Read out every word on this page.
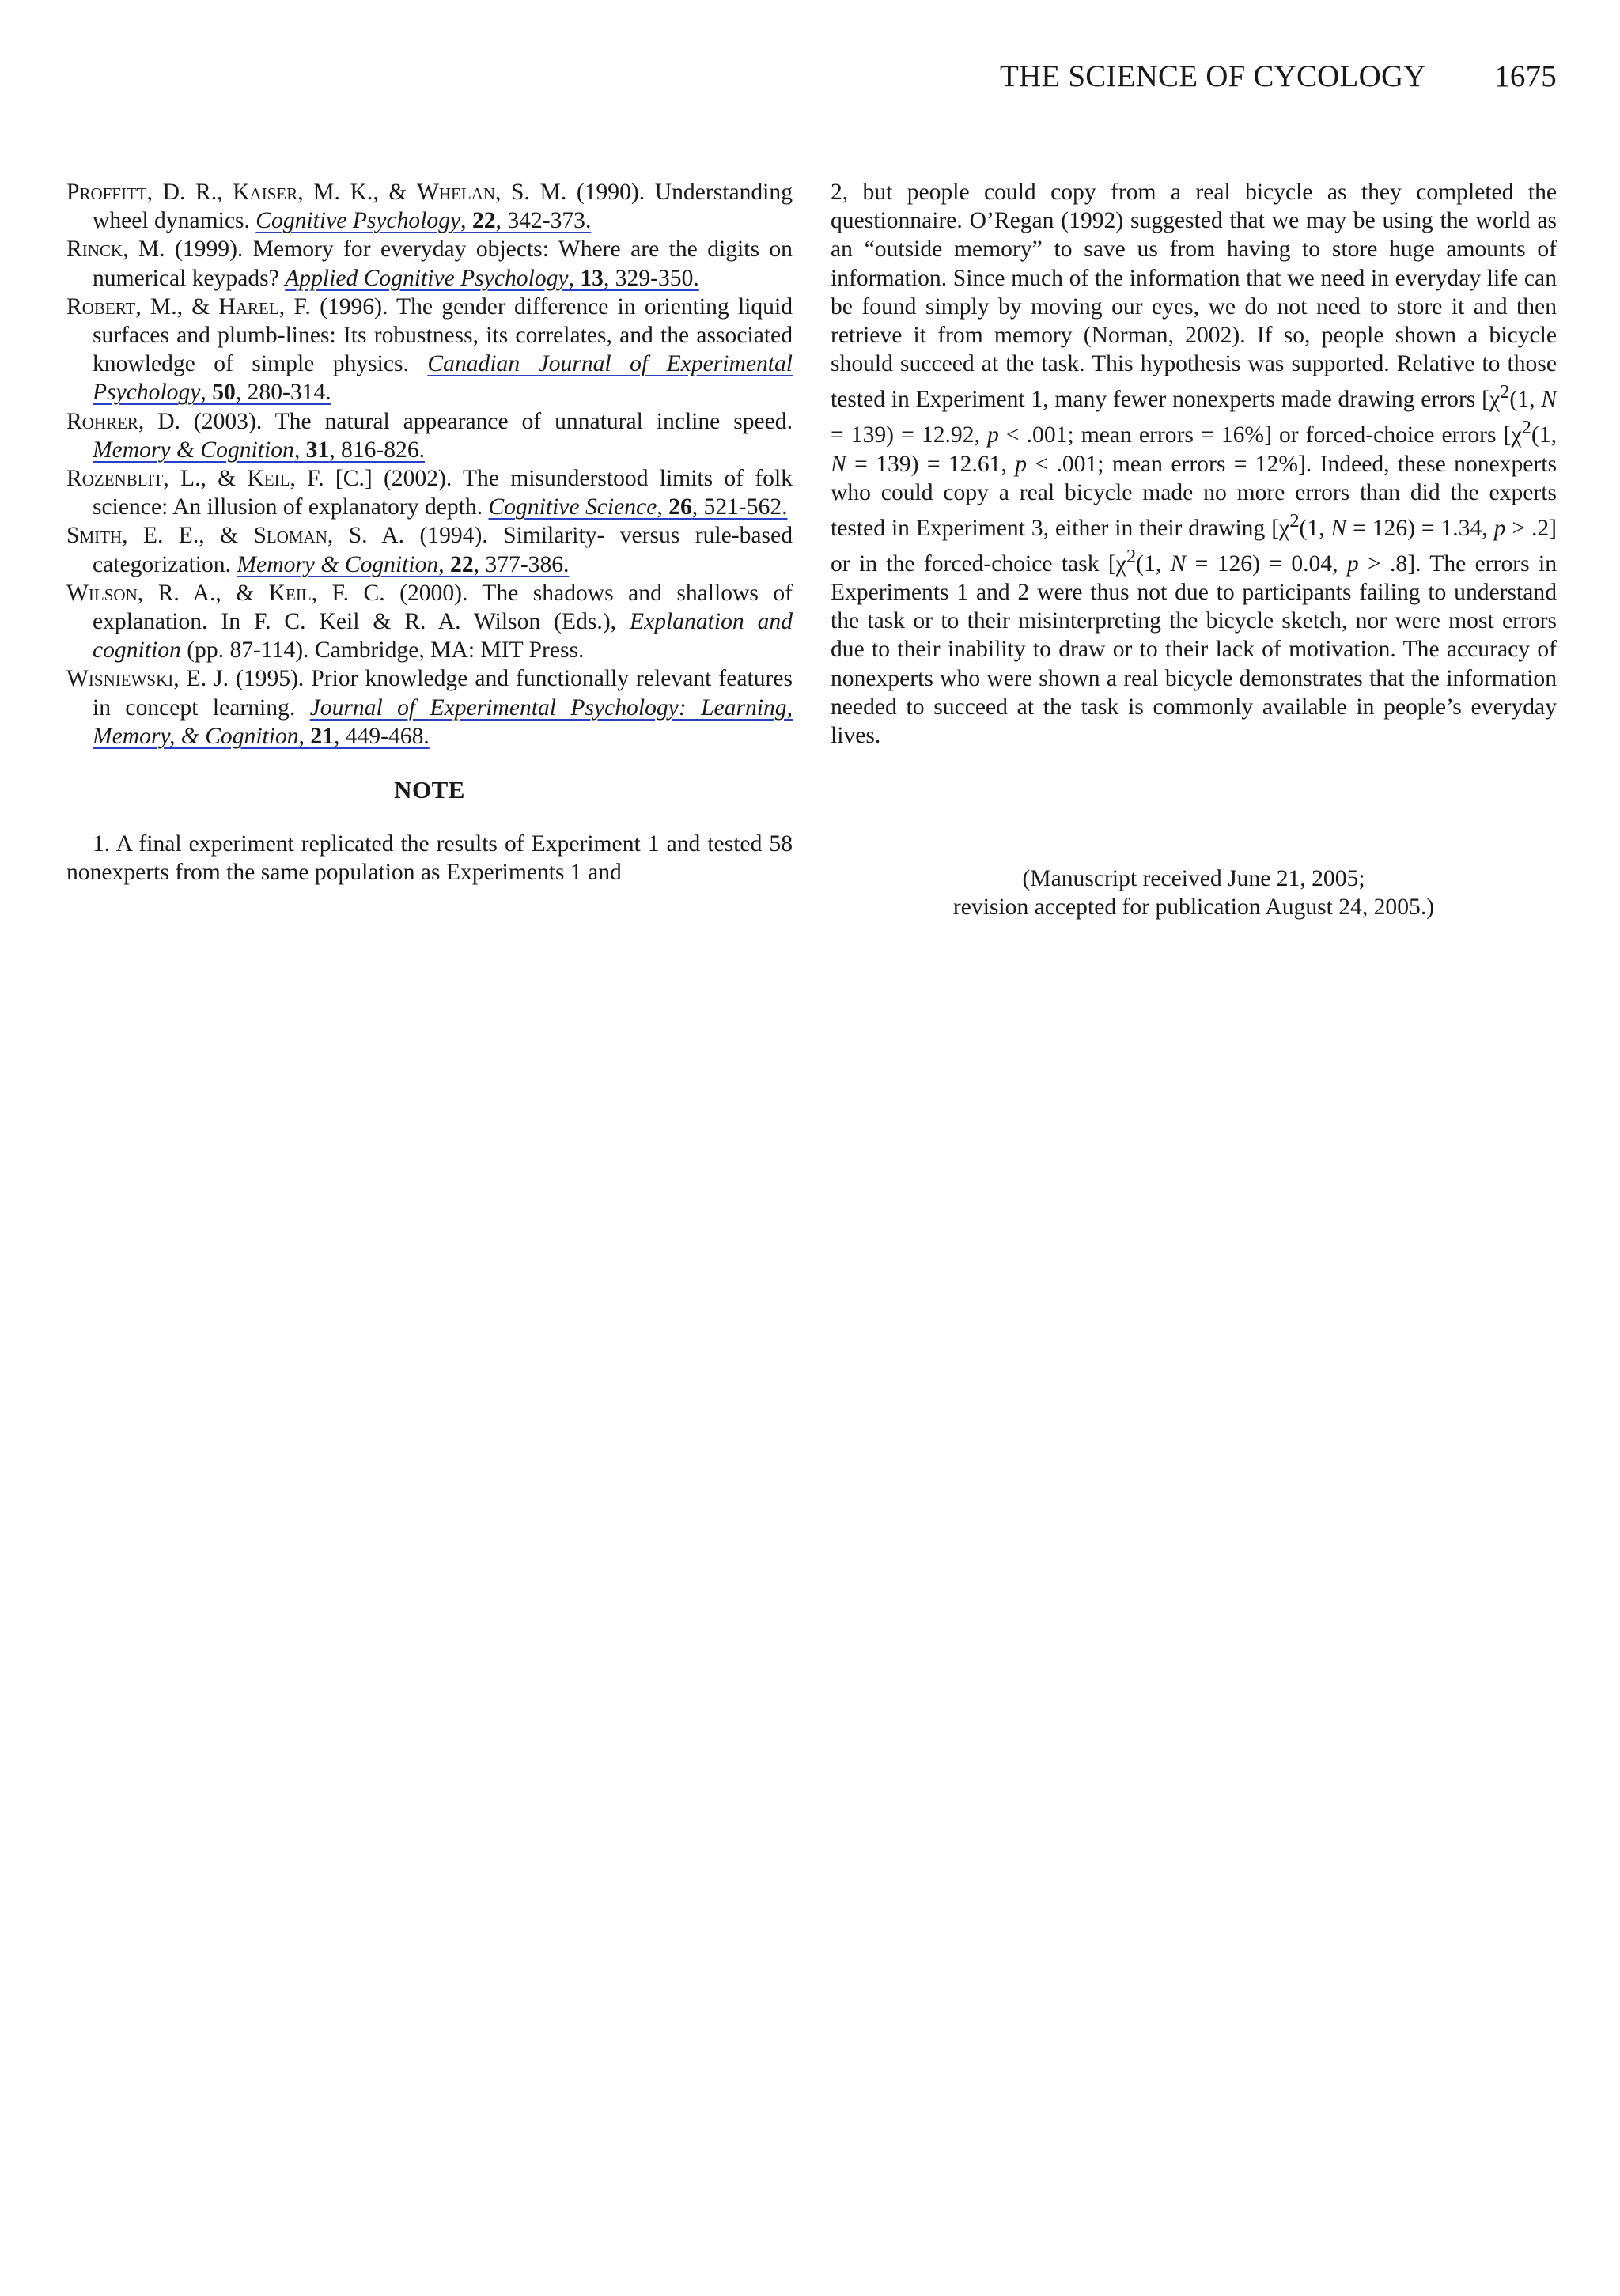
THE SCIENCE OF CYCOLOGY 1675
Proffitt, D. R., Kaiser, M. K., & Whelan, S. M. (1990). Understanding wheel dynamics. Cognitive Psychology, 22, 342-373.
Rinck, M. (1999). Memory for everyday objects: Where are the digits on numerical keypads? Applied Cognitive Psychology, 13, 329-350.
Robert, M., & Harel, F. (1996). The gender difference in orienting liquid surfaces and plumb-lines: Its robustness, its correlates, and the associated knowledge of simple physics. Canadian Journal of Experimental Psychology, 50, 280-314.
Rohrer, D. (2003). The natural appearance of unnatural incline speed. Memory & Cognition, 31, 816-826.
Rozenblit, L., & Keil, F. [C.] (2002). The misunderstood limits of folk science: An illusion of explanatory depth. Cognitive Science, 26, 521-562.
Smith, E. E., & Sloman, S. A. (1994). Similarity- versus rule-based categorization. Memory & Cognition, 22, 377-386.
Wilson, R. A., & Keil, F. C. (2000). The shadows and shallows of explanation. In F. C. Keil & R. A. Wilson (Eds.), Explanation and cognition (pp. 87-114). Cambridge, MA: MIT Press.
Wisniewski, E. J. (1995). Prior knowledge and functionally relevant features in concept learning. Journal of Experimental Psychology: Learning, Memory, & Cognition, 21, 449-468.
NOTE
1. A final experiment replicated the results of Experiment 1 and tested 58 nonexperts from the same population as Experiments 1 and
2, but people could copy from a real bicycle as they completed the questionnaire. O’Regan (1992) suggested that we may be using the world as an “outside memory” to save us from having to store huge amounts of information. Since much of the information that we need in everyday life can be found simply by moving our eyes, we do not need to store it and then retrieve it from memory (Norman, 2002). If so, people shown a bicycle should succeed at the task. This hypothesis was supported. Relative to those tested in Experiment 1, many fewer nonexperts made drawing errors [$\chi^2(1$, N = 139) = 12.92, p < .001; mean errors = 16%] or forced-choice errors [$\chi^2(1$, N = 139) = 12.61, p < .001; mean errors = 12%]. Indeed, these nonexperts who could copy a real bicycle made no more errors than did the experts tested in Experiment 3, either in their drawing [$\chi^2(1$, N = 126) = 1.34, p > .2] or in the forced-choice task [$\chi^2(1$, N = 126) = 0.04, p > .8]. The errors in Experiments 1 and 2 were thus not due to participants failing to understand the task or to their misinterpreting the bicycle sketch, nor were most errors due to their inability to draw or to their lack of motivation. The accuracy of nonexperts who were shown a real bicycle demonstrates that the information needed to succeed at the task is commonly available in people’s everyday lives.
(Manuscript received June 21, 2005;
revision accepted for publication August 24, 2005.)
